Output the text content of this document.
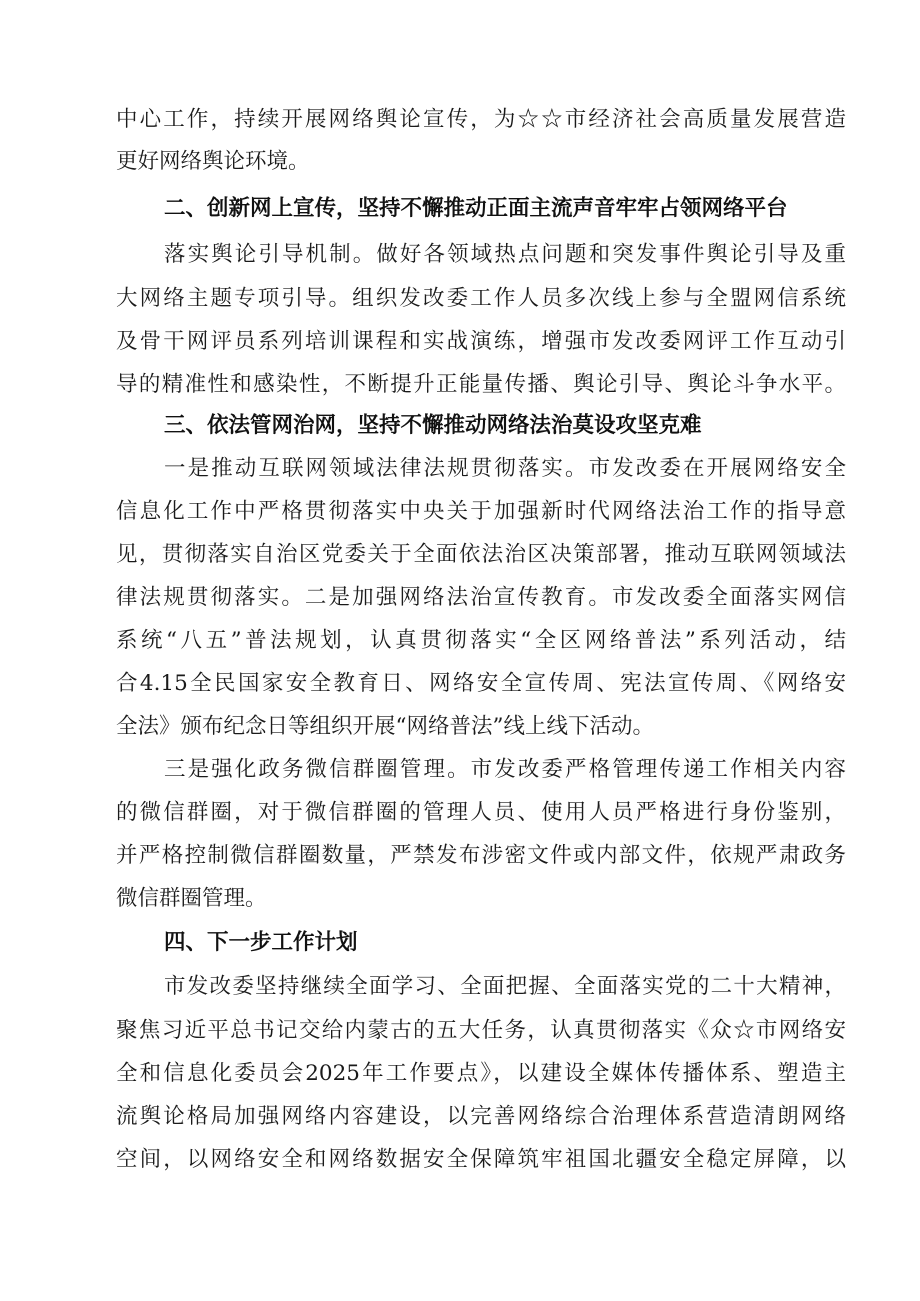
中心工作，持续开展网络舆论宣传，为☆☆市经济社会高质量发展营造
更好网络舆论环境。
二、创新网上宣传，坚持不懈推动正面主流声音牢牢占领网络平台
落实舆论引导机制。做好各领域热点问题和突发事件舆论引导及重
大网络主题专项引导。组织发改委工作人员多次线上参与全盟网信系统
及骨干网评员系列培训课程和实战演练，增强市发改委网评工作互动引
导的精准性和感染性，不断提升正能量传播、舆论引导、舆论斗争水平。
三、依法管网治网，坚持不懈推动网络法治莫设攻坚克难
一是推动互联网领域法律法规贯彻落实。市发改委在开展网络安全
信息化工作中严格贯彻落实中央关于加强新时代网络法治工作的指导意
见，贯彻落实自治区党委关于全面依法治区决策部署，推动互联网领域法
律法规贯彻落实。二是加强网络法治宣传教育。市发改委全面落实网信
系统“八五”普法规划，认真贯彻落实“全区网络普法”系列活动，结
合4.15全民国家安全教育日、网络安全宣传周、宪法宣传周、《网络安
全法》颁布纪念日等组织开展“网络普法”线上线下活动。
三是强化政务微信群圈管理。市发改委严格管理传递工作相关内容
的微信群圈，对于微信群圈的管理人员、使用人员严格进行身份鉴别，
并严格控制微信群圈数量，严禁发布涉密文件或内部文件，依规严肃政务
微信群圈管理。
四、下一步工作计划
市发改委坚持继续全面学习、全面把握、全面落实党的二十大精神，
聚焦习近平总书记交给内蒙古的五大任务，认真贯彻落实《众☆市网络安
全和信息化委员会2025年工作要点》，以建设全媒体传播体系、塑造主
流舆论格局加强网络内容建设，以完善网络综合治理体系营造清朗网络
空间，以网络安全和网络数据安全保障筑牢祖国北疆安全稳定屏障，以
